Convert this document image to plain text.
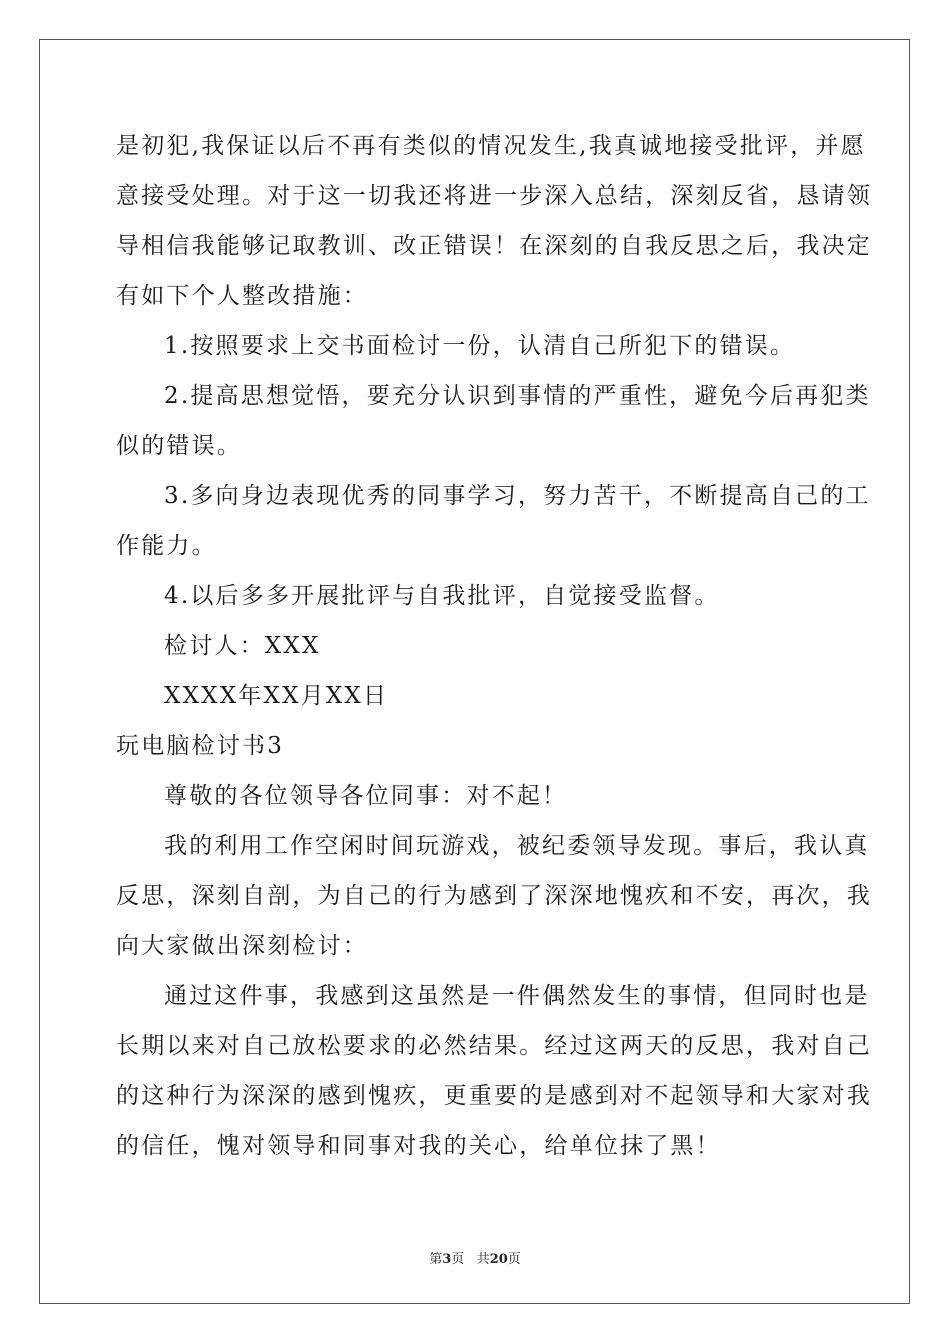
是初犯,我保证以后不再有类似的情况发生,我真诚地接受批评，并愿

意接受处理。对于这一切我还将进一步深入总结，深刻反省，恳请领

导相信我能够记取教训、改正错误！在深刻的自我反思之后，我决定

有如下个人整改措施：

1.按照要求上交书面检讨一份，认清自己所犯下的错误。

2.提高思想觉悟，要充分认识到事情的严重性，避免今后再犯类

似的错误。

3.多向身边表现优秀的同事学习，努力苦干，不断提高自己的工

作能力。

4.以后多多开展批评与自我批评，自觉接受监督。

检讨人：XXX

XXXX年XX月XX日

玩电脑检讨书3

尊敬的各位领导各位同事：对不起！

我的利用工作空闲时间玩游戏，被纪委领导发现。事后，我认真

反思，深刻自剖，为自己的行为感到了深深地愧疚和不安，再次，我

向大家做出深刻检讨：

通过这件事，我感到这虽然是一件偶然发生的事情，但同时也是

长期以来对自己放松要求的必然结果。经过这两天的反思，我对自己

的这种行为深深的感到愧疚，更重要的是感到对不起领导和大家对我

的信任，愧对领导和同事对我的关心，给单位抹了黑！

第3页 共20页
